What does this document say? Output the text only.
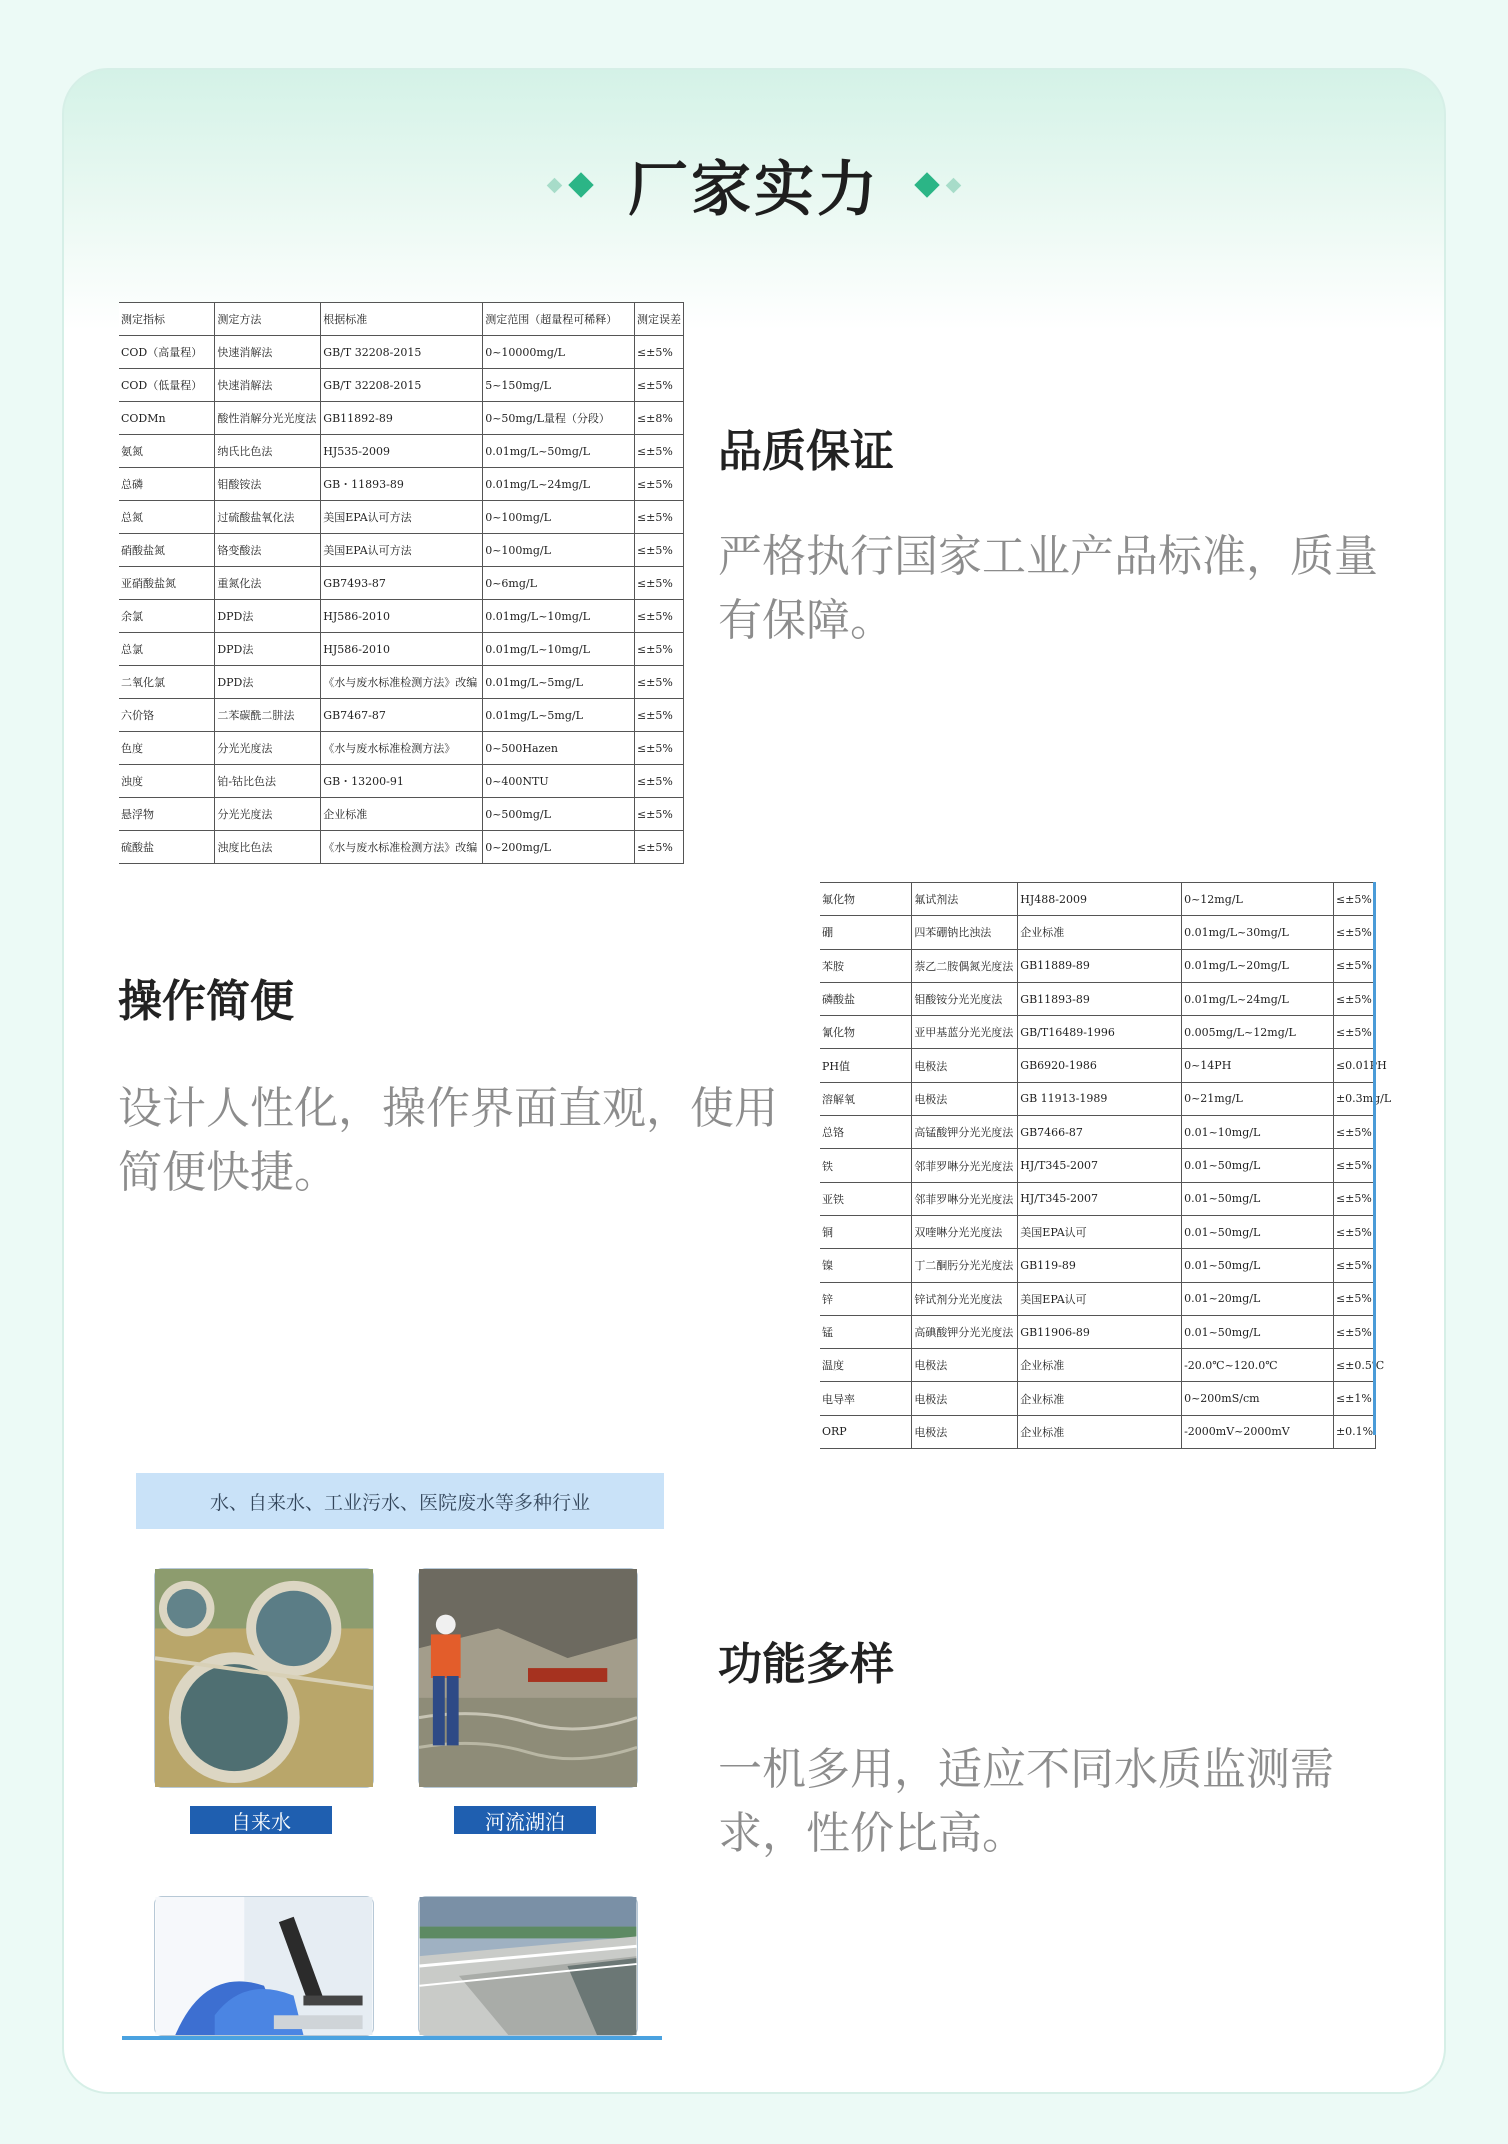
厂家实力
测定指标	测定方法	根据标准	测定范围（超量程可稀释）	测定误差
COD（高量程）	快速消解法	GB/T 32208-2015	0~10000mg/L	≤±5%
COD（低量程）	快速消解法	GB/T 32208-2015	5~150mg/L	≤±5%
CODMn	酸性消解分光光度法	GB11892-89	0~50mg/L量程（分段）	≤±8%
氨氮	纳氏比色法	HJ535-2009	0.01mg/L~50mg/L	≤±5%
总磷	钼酸铵法	GB・11893-89	0.01mg/L~24mg/L	≤±5%
总氮	过硫酸盐氧化法	美国EPA认可方法	0~100mg/L	≤±5%
硝酸盐氮	铬变酸法	美国EPA认可方法	0~100mg/L	≤±5%
亚硝酸盐氮	重氮化法	GB7493-87	0~6mg/L	≤±5%
余氯	DPD法	HJ586-2010	0.01mg/L~10mg/L	≤±5%
总氯	DPD法	HJ586-2010	0.01mg/L~10mg/L	≤±5%
二氧化氯	DPD法	《水与废水标准检测方法》改编	0.01mg/L~5mg/L	≤±5%
六价铬	二苯碳酰二肼法	GB7467-87	0.01mg/L~5mg/L	≤±5%
色度	分光光度法	《水与废水标准检测方法》	0~500Hazen	≤±5%
浊度	铂-钴比色法	GB・13200-91	0~400NTU	≤±5%
悬浮物	分光光度法	企业标准	0~500mg/L	≤±5%
硫酸盐	浊度比色法	《水与废水标准检测方法》改编	0~200mg/L	≤±5%
品质保证
严格执行国家工业产品标准，质量有保障。
操作简便
设计人性化，操作界面直观，使用简便快捷。
氟化物	氟试剂法	HJ488-2009	0~12mg/L	≤±5%
硼	四苯硼钠比浊法	企业标准	0.01mg/L~30mg/L	≤±5%
苯胺	萘乙二胺偶氮光度法	GB11889-89	0.01mg/L~20mg/L	≤±5%
磷酸盐	钼酸铵分光光度法	GB11893-89	0.01mg/L~24mg/L	≤±5%
氰化物	亚甲基蓝分光光度法	GB/T16489-1996	0.005mg/L~12mg/L	≤±5%
PH值	电极法	GB6920-1986	0~14PH	≤0.01PH
溶解氧	电极法	GB 11913-1989	0~21mg/L	±0.3mg/L
总铬	高锰酸钾分光光度法	GB7466-87	0.01~10mg/L	≤±5%
铁	邻菲罗啉分光光度法	HJ/T345-2007	0.01~50mg/L	≤±5%
亚铁	邻菲罗啉分光光度法	HJ/T345-2007	0.01~50mg/L	≤±5%
铜	双喹啉分光光度法	美国EPA认可	0.01~50mg/L	≤±5%
镍	丁二酮肟分光光度法	GB119-89	0.01~50mg/L	≤±5%
锌	锌试剂分光光度法	美国EPA认可	0.01~20mg/L	≤±5%
锰	高碘酸钾分光光度法	GB11906-89	0.01~50mg/L	≤±5%
温度	电极法	企业标准	-20.0℃~120.0℃	≤±0.5℃
电导率	电极法	企业标准	0~200mS/cm	≤±1%
ORP	电极法	企业标准	-2000mV~2000mV	±0.1%
水、自来水、工业污水、医院废水等多种行业
自来水	河流湖泊
功能多样
一机多用，适应不同水质监测需求，性价比高。
